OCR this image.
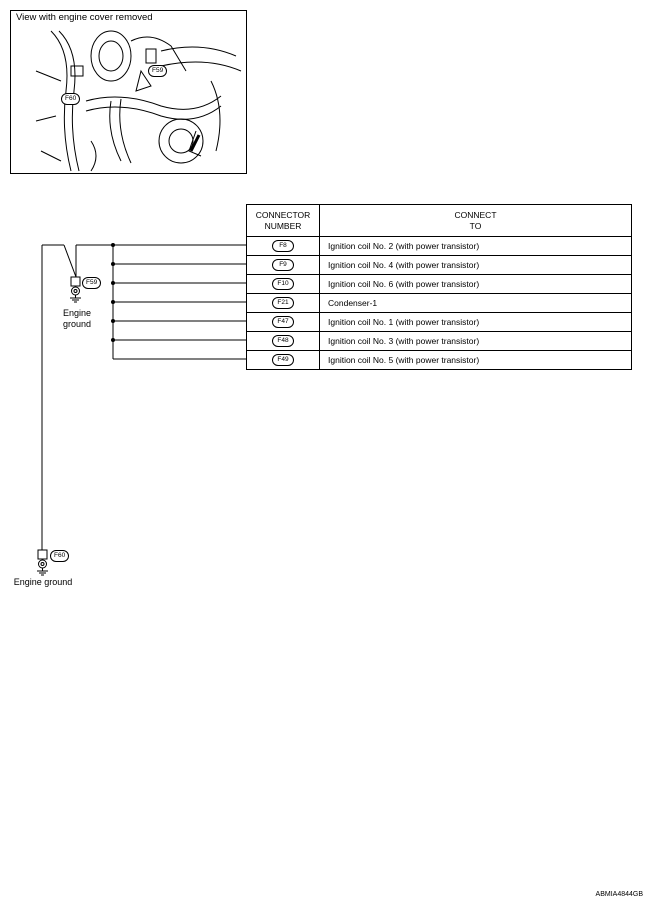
View with engine cover removed
F59
F60
F59
Engine
ground
F60
Engine ground
CONNECTOR
NUMBER	CONNECT
TO
F8	Ignition coil No. 2 (with power transistor)
F9	Ignition coil No. 4 (with power transistor)
F10	Ignition coil No. 6 (with power transistor)
F21	Condenser-1
F47	Ignition coil No. 1 (with power transistor)
F48	Ignition coil No. 3 (with power transistor)
F49	Ignition coil No. 5 (with power transistor)
ABMIA4844GB
